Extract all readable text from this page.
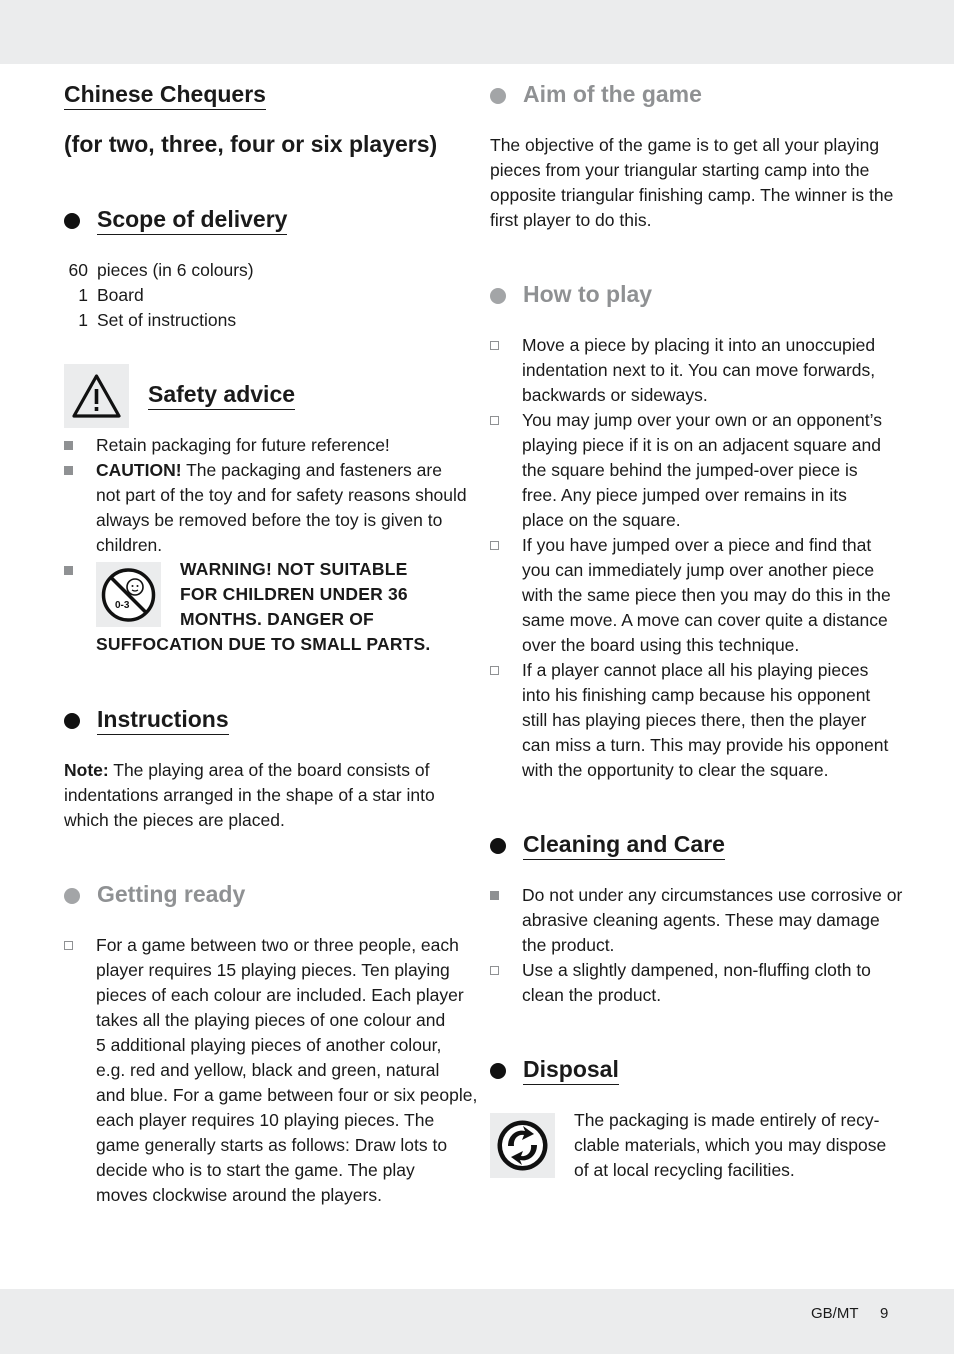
Chinese Chequers
(for two, three, four or six players)
Scope of delivery
60 pieces (in 6 colours)
1 Board
1 Set of instructions
Safety advice
Retain packaging for future reference!
CAUTION! The packaging and fasteners are
not part of the toy and for safety reasons should
always be removed before the toy is given to
children.
0-3
WARNING! NOT SUITABLE
FOR CHILDREN UNDER 36
MONTHS. DANGER OF
SUFFOCATION DUE TO SMALL PARTS.
Instructions
Note: The playing area of the board consists of
indentations arranged in the shape of a star into
which the pieces are placed.
Getting ready
For a game between two or three people, each
player requires 15 playing pieces. Ten playing
pieces of each colour are included. Each player
takes all the playing pieces of one colour and
5 additional playing pieces of another colour,
e.g. red and yellow, black and green, natural
and blue. For a game between four or six people,
each player requires 10 playing pieces. The
game generally starts as follows: Draw lots to
decide who is to start the game. The play
moves clockwise around the players.
Aim of the game
The objective of the game is to get all your playing
pieces from your triangular starting camp into the
opposite triangular finishing camp. The winner is the
first player to do this.
How to play
Move a piece by placing it into an unoccupied
indentation next to it. You can move forwards,
backwards or sideways.
You may jump over your own or an opponent’s
playing piece if it is on an adjacent square and
the square behind the jumped-over piece is
free. Any piece jumped over remains in its
place on the square.
If you have jumped over a piece and find that
you can immediately jump over another piece
with the same piece then you may do this in the
same move. A move can cover quite a distance
over the board using this technique.
If a player cannot place all his playing pieces
into his finishing camp because his opponent
still has playing pieces there, then the player
can miss a turn. This may provide his opponent
with the opportunity to clear the square.
Cleaning and Care
Do not under any circumstances use corrosive or
abrasive cleaning agents. These may damage
the product.
Use a slightly dampened, non-fluffing cloth to
clean the product.
Disposal
The packaging is made entirely of recy-
clable materials, which you may dispose
of at local recycling facilities.
GB/MT 9
